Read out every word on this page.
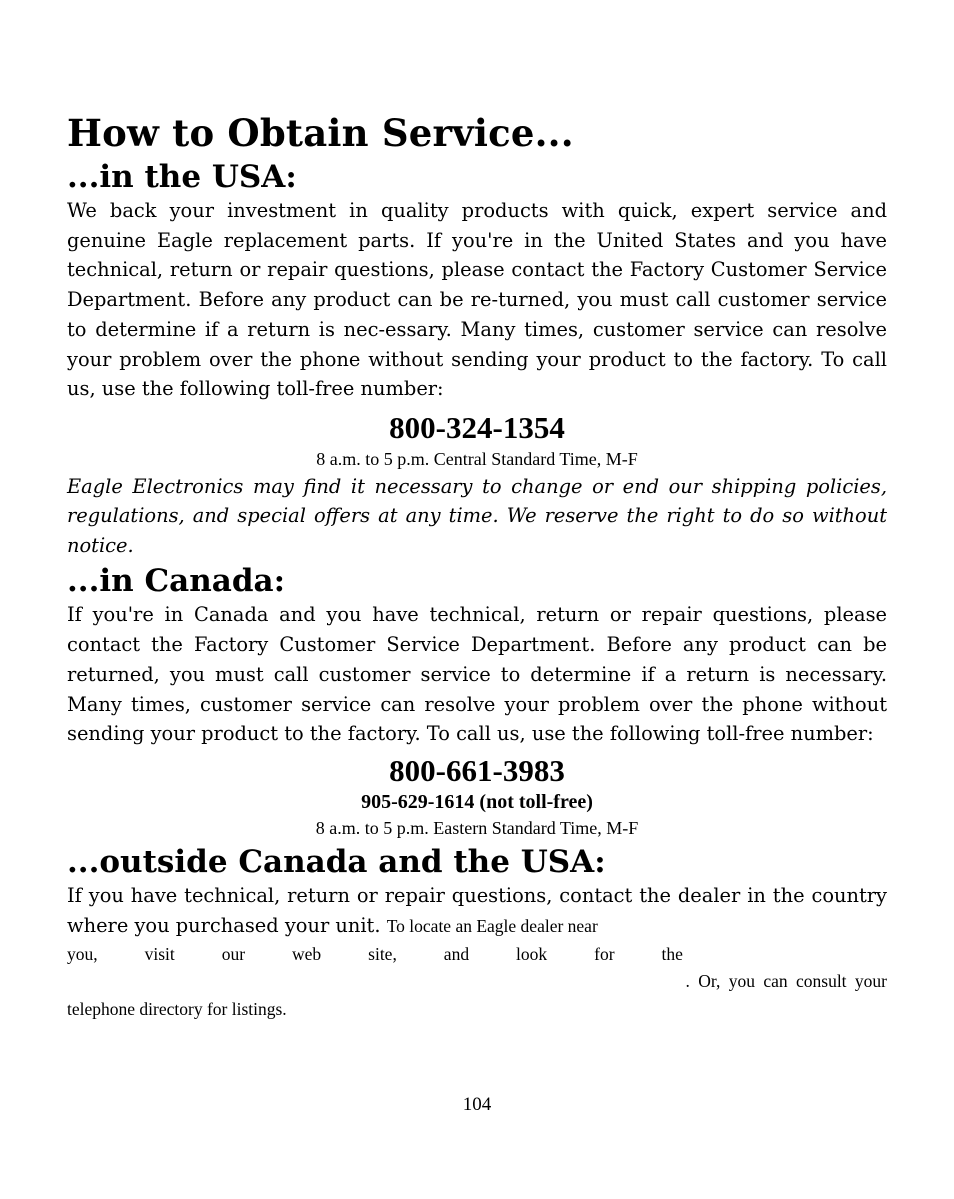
How to Obtain Service...
...in the USA:

We back your investment in quality products with quick, expert service and genuine Eagle replacement parts. If you're in the United States and you have technical, return or repair questions, please contact the Factory Customer Service Department. Before any product can be re-turned, you must call customer service to determine if a return is nec-essary. Many times, customer service can resolve your problem over the phone without sending your product to the factory. To call us, use the following toll-free number:

800-324-1354
8 a.m. to 5 p.m. Central Standard Time, M-F

Eagle Electronics may find it necessary to change or end our shipping policies, regulations, and special offers at any time. We reserve the right to do so without notice.

...in Canada:

If you're in Canada and you have technical, return or repair questions, please contact the Factory Customer Service Department. Before any product can be returned, you must call customer service to determine if a return is necessary. Many times, customer service can resolve your problem over the phone without sending your product to the factory. To call us, use the following toll-free number:

800-661-3983
905-629-1614 (not toll-free)
8 a.m. to 5 p.m. Eastern Standard Time, M-F
...outside Canada and the USA:

If you have technical, return or repair questions, contact the dealer in the country where you purchased your unit. To locate an Eagle dealer near

you,	visit	our	web	site,	and	look	for	the
. Or, you can consult your
telephone directory for listings.
104
